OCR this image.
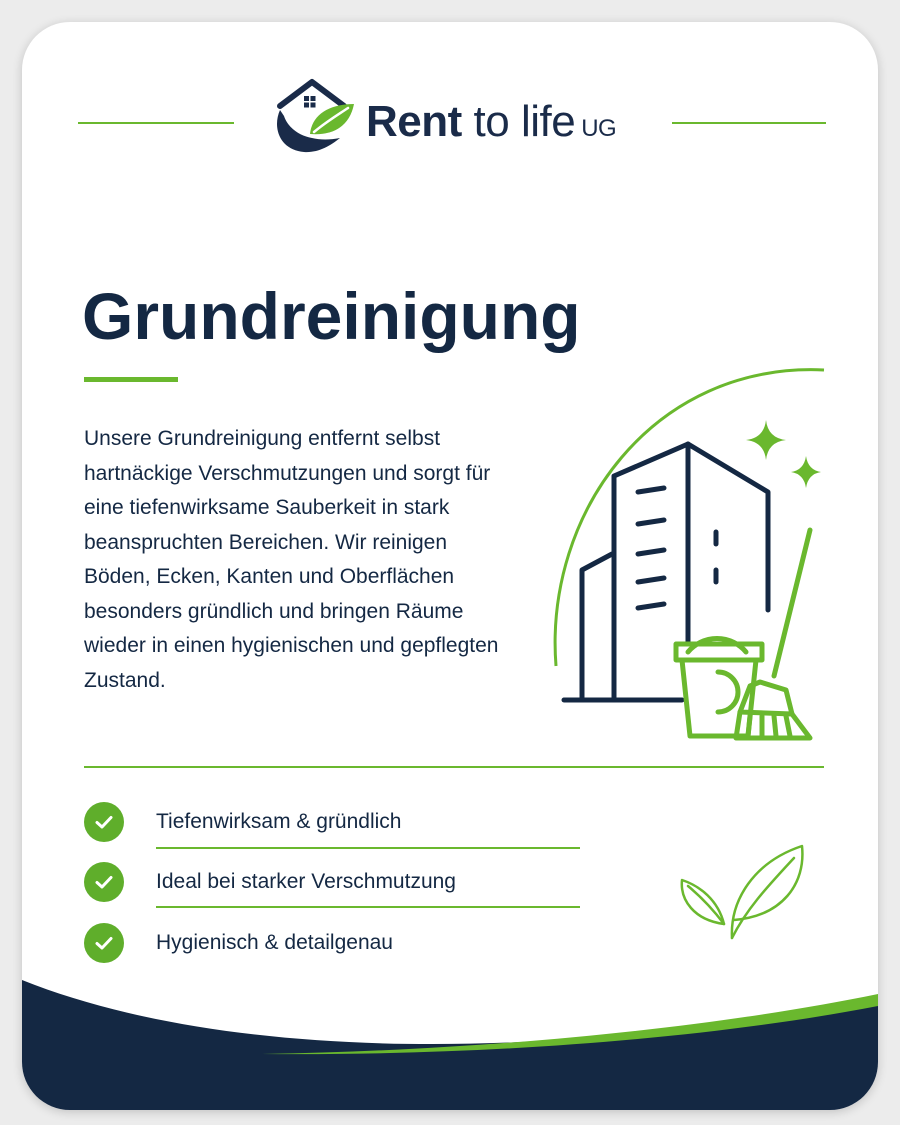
Rent to life UG
Grundreinigung

Unsere Grundreinigung entfernt selbst hartnäckige Verschmutzungen und sorgt für eine tiefenwirksame Sauberkeit in stark beanspruchten Bereichen. Wir reinigen Böden, Ecken, Kanten und Oberflächen besonders gründlich und bringen Räume wieder in einen hygienischen und gepflegten Zustand.

Tiefenwirksam & gründlich
Ideal bei starker Verschmutzung
Hygienisch & detailgenau
